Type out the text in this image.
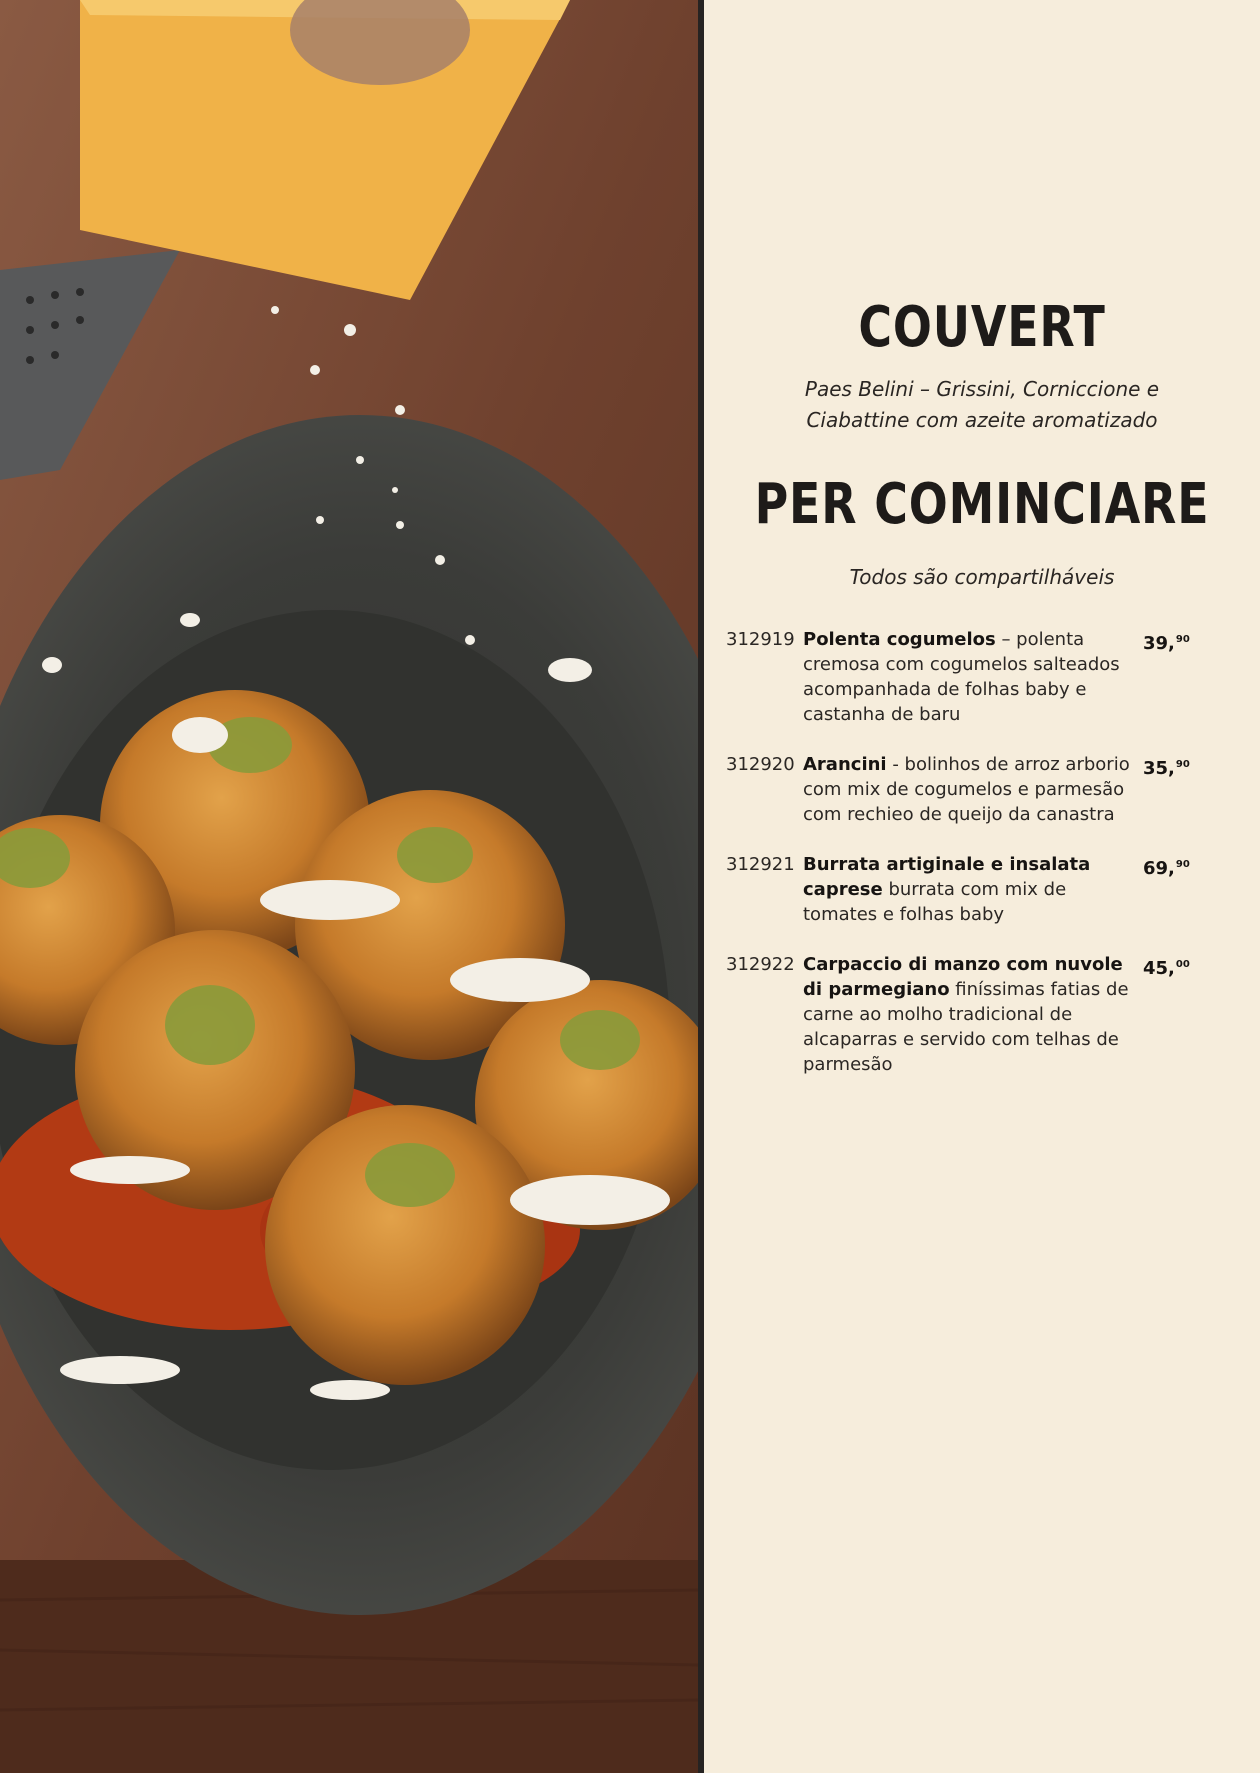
COUVERT

Paes Belini – Grissini, Corniccione e
Ciabattine com azeite aromatizado

PER COMINCIARE

Todos são compartilháveis

312919 Polenta cogumelos – polenta cremosa com cogumelos salteados acompanhada de folhas baby e castanha de baru
39,90
312920 Arancini - bolinhos de arroz arborio com mix de cogumelos e parmesão com rechieo de queijo da canastra
35,90
312921 Burrata artiginale e insalata caprese burrata com mix de tomates e folhas baby
69,90
312922 Carpaccio di manzo com nuvole di parmegiano finíssimas fatias de carne ao molho tradicional de alcaparras e servido com telhas de parmesão
45,00
